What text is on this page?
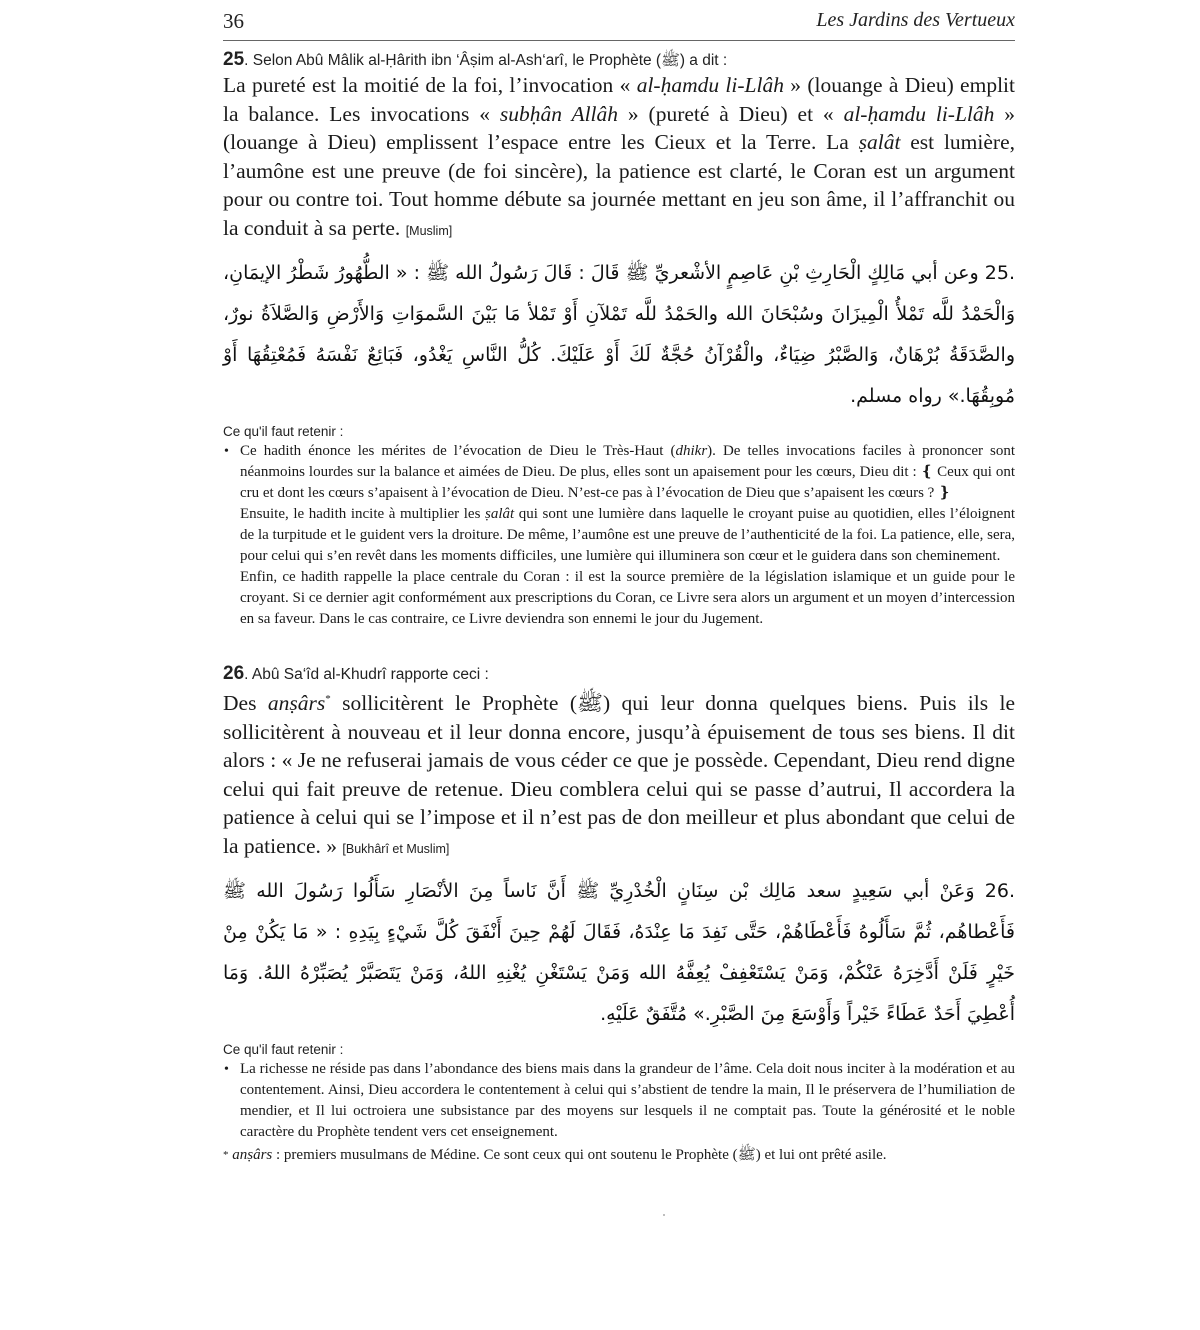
36	Les Jardins des Vertueux
25. Selon Abû Mâlik al-Ḥârith ibn ‘Âṣim al-Ash‘arî, le Prophète (ﷺ) a dit :

La pureté est la moitié de la foi, l’invocation « al-ḥamdu li-Llâh » (louange à Dieu) emplit la balance. Les invocations « subḥân Allâh » (pureté à Dieu) et « al-ḥamdu li-Llâh » (louange à Dieu) emplissent l’espace entre les Cieux et la Terre. La ṣalât est lumière, l’aumône est une preuve (de foi sincère), la patience est clarté, le Coran est un argument pour ou contre toi. Tout homme débute sa journée mettant en jeu son âme, il l’affranchit ou la conduit à sa perte. [Muslim]

25. وعن أبي مَالِكٍ الْحَارِثِ بْنِ عَاصِمٍ الأشْعريِّ ﷺ قَالَ : قَالَ رَسُولُ الله ﷺ : « الطُّهُورُ شَطْرُ الإيمَانِ، وَالْحَمْدُ للَّه تَمْلأُ الْمِيزَانَ وسُبْحَانَ الله والحَمْدُ للَّه تَمْلآنِ أَوْ تَمْلأ مَا بَيْنَ السَّموَاتِ وَالأَرْضِ وَالصَّلاَةُ نورٌ، والصَّدَقَةُ بُرْهَانٌ، وَالصَّبْرُ ضِيَاءٌ، والْقُرْآنُ حُجَّةٌ لَكَ أَوْ عَلَيْكَ. كُلُّ النَّاسِ يَغْدُو، فَبَائِعٌ نَفْسَهُ فَمُعْتِقُهَا أَوْ مُوبِقُهَا.» رواه مسلم.
Ce qu'il faut retenir :
• Ce hadith énonce les mérites de l’évocation de Dieu le Très-Haut (dhikr). De telles invocations faciles à prononcer sont néanmoins lourdes sur la balance et aimées de Dieu. De plus, elles sont un apaisement pour les cœurs, Dieu dit : ❴ Ceux qui ont cru et dont les cœurs s’apaisent à l’évocation de Dieu. N’est-ce pas à l’évocation de Dieu que s’apaisent les cœurs ? ❵

Ensuite, le hadith incite à multiplier les ṣalât qui sont une lumière dans laquelle le croyant puise au quotidien, elles l’éloignent de la turpitude et le guident vers la droiture. De même, l’aumône est une preuve de l’authenticité de la foi. La patience, elle, sera, pour celui qui s’en revêt dans les moments difficiles, une lumière qui illuminera son cœur et le guidera dans son cheminement.

Enfin, ce hadith rappelle la place centrale du Coran : il est la source première de la législation islamique et un guide pour le croyant. Si ce dernier agit conformément aux prescriptions du Coran, ce Livre sera alors un argument et un moyen d’intercession en sa faveur. Dans le cas contraire, ce Livre deviendra son ennemi le jour du Jugement.

26. Abû Sa‘îd al-Khudrî rapporte ceci :

Des anṣârs* sollicitèrent le Prophète (ﷺ) qui leur donna quelques biens. Puis ils le sollicitèrent à nouveau et il leur donna encore, jusqu’à épuisement de tous ses biens. Il dit alors : « Je ne refuserai jamais de vous céder ce que je possède. Cependant, Dieu rend digne celui qui fait preuve de retenue. Dieu comblera celui qui se passe d’autrui, Il accordera la patience à celui qui se l’impose et il n’est pas de don meilleur et plus abondant que celui de la patience. » [Bukhârî et Muslim]

26. وَعَنْ أبي سَعِيدٍ سعد مَالِك بْن سِنَانٍ الْخُدْرِيِّ ﷺ أَنَّ نَاساً مِنَ الأنْصَارِ سَأَلُوا رَسُولَ الله ﷺ فَأَعْطاهُم، ثُمَّ سَأَلُوهُ فَأَعْطَاهُمْ، حَتَّى نَفِدَ مَا عِنْدَهُ، فَقَالَ لَهُمْ حِينَ أَنْفَقَ كُلَّ شَيْءٍ بِيَدِهِ : « مَا يَكُنْ مِنْ خَيْرٍ فَلَنْ أَدَّخِرَهُ عَنْكُمْ، وَمَنْ يَسْتَعْفِفْ يُعِفَّهُ الله وَمَنْ يَسْتَغْنِ يُغْنِهِ اللهُ، وَمَنْ يَتَصَبَّرْ يُصَبِّرْهُ اللهُ. وَمَا أُعْطِيَ أَحَدٌ عَطَاءً خَيْراً وَأَوْسَعَ مِنَ الصَّبْرِ.» مُتَّفَقٌ عَلَيْهِ.
Ce qu'il faut retenir :
• La richesse ne réside pas dans l’abondance des biens mais dans la grandeur de l’âme. Cela doit nous inciter à la modération et au contentement. Ainsi, Dieu accordera le contentement à celui qui s’abstient de tendre la main, Il le préservera de l’humiliation de mendier, et Il lui octroiera une subsistance par des moyens sur lesquels il ne comptait pas. Toute la générosité et le noble caractère du Prophète tendent vers cet enseignement.

* anṣârs : premiers musulmans de Médine. Ce sont ceux qui ont soutenu le Prophète (ﷺ) et lui ont prêté asile.
